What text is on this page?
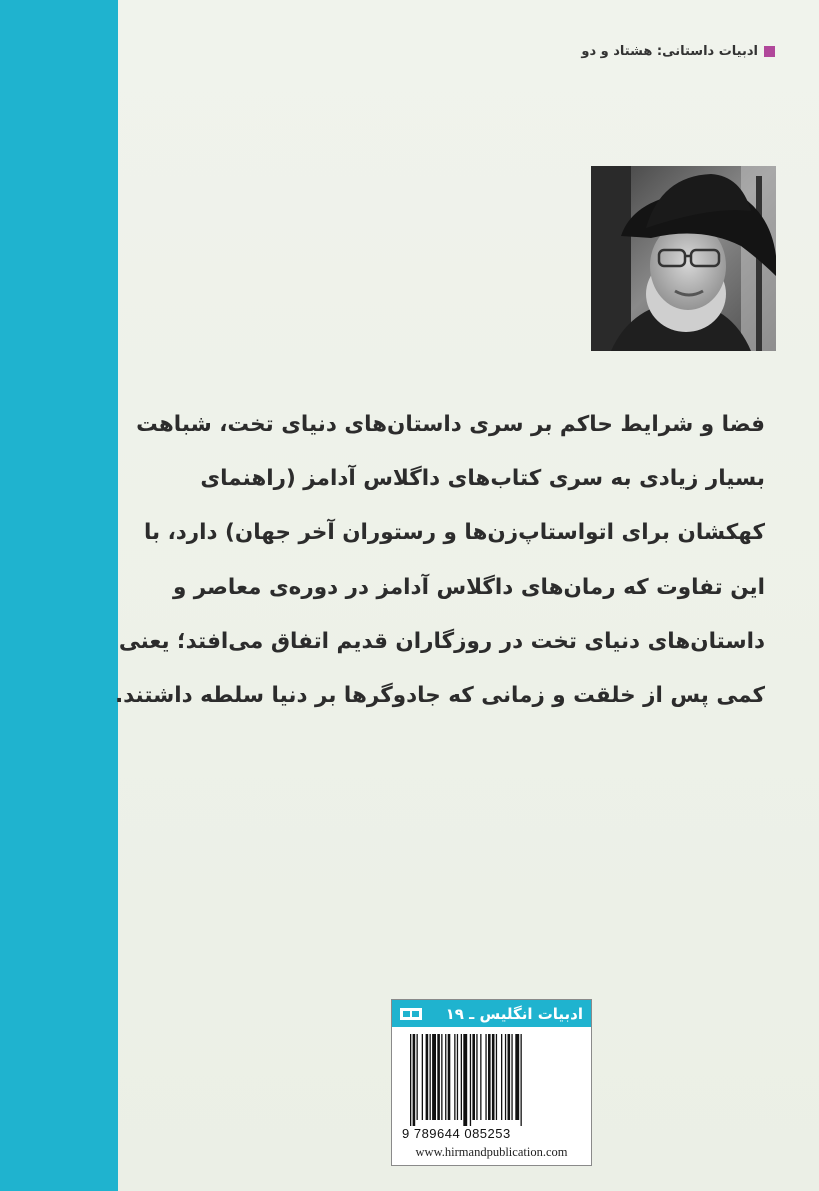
ادبیات داستانی: هشتاد و دو
فضا و شرایط حاکم بر سری داستان‌های دنیای تخت، شباهت
بسیار زیادی به سری کتاب‌های داگلاس آدامز (راهنمای
کهکشان برای اتواستاپ‌زن‌ها و رستوران آخر جهان) دارد، با
این تفاوت که رمان‌های داگلاس آدامز در دوره‌ی معاصر و
داستان‌های دنیای تخت در روزگاران قدیم اتفاق می‌افتد؛ یعنی
کمی پس از خلقت و زمانی که جادوگرها بر دنیا سلطه داشتند.
ادبیات انگلیس ـ ۱۹
9 789644 085253
www.hirmandpublication.com
